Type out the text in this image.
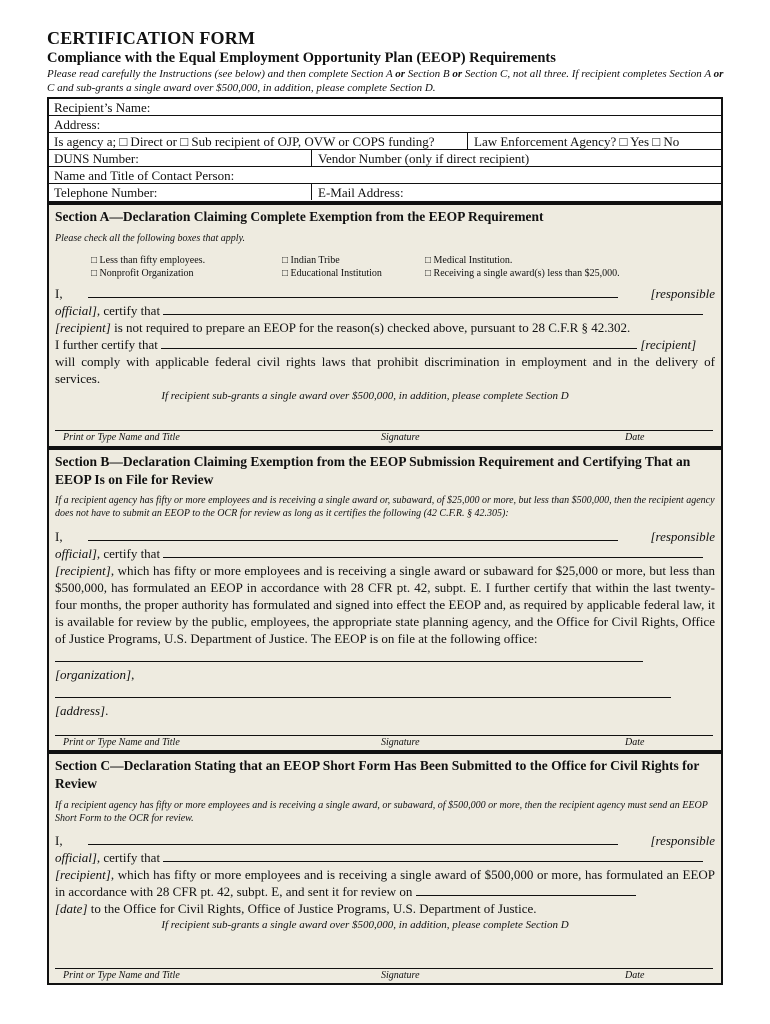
CERTIFICATION FORM
Compliance with the Equal Employment Opportunity Plan (EEOP) Requirements
Please read carefully the Instructions (see below) and then complete Section A or Section B or Section C, not all three. If recipient completes Section A or C and sub-grants a single award over $500,000, in addition, please complete Section D.
Recipient’s Name:
Address:
Is agency a; □ Direct or □ Sub recipient of OJP, OVW or COPS funding?	Law Enforcement Agency? □ Yes □ No
DUNS Number:	Vendor Number (only if direct recipient)
Name and Title of Contact Person:
Telephone Number:	E-Mail Address:
Section A—Declaration Claiming Complete Exemption from the EEOP Requirement
Please check all the following boxes that apply.
□ Less than fifty employees.	□ Indian Tribe	□ Medical Institution.
□ Nonprofit Organization	□ Educational Institution	□ Receiving a single award(s) less than $25,000.
I,	[responsible
official], certify that
[recipient] is not required to prepare an EEOP for the reason(s) checked above, pursuant to 28 C.F.R § 42.302.
I further certify that	[recipient]
will comply with applicable federal civil rights laws that prohibit discrimination in employment and in the delivery of services.
If recipient sub-grants a single award over $500,000, in addition, please complete Section D
Print or Type Name and Title	Signature	Date
Section B—Declaration Claiming Exemption from the EEOP Submission Requirement and Certifying That an EEOP Is on File for Review
If a recipient agency has fifty or more employees and is receiving a single award or, subaward, of $25,000 or more, but less than $500,000, then the recipient agency does not have to submit an EEOP to the OCR for review as long as it certifies the following (42 C.F.R. § 42.305):
I,	[responsible
official], certify that
[recipient], which has fifty or more employees and is receiving a single award or subaward for $25,000 or more, but less than $500,000, has formulated an EEOP in accordance with 28 CFR pt. 42, subpt. E. I further certify that within the last twenty-four months, the proper authority has formulated and signed into effect the EEOP and, as required by applicable federal law, it is available for review by the public, employees, the appropriate state planning agency, and the Office for Civil Rights, Office of Justice Programs, U.S. Department of Justice. The EEOP is on file at the following office:
[organization],
[address].
Print or Type Name and Title	Signature	Date
Section C—Declaration Stating that an EEOP Short Form Has Been Submitted to the Office for Civil Rights for Review
If a recipient agency has fifty or more employees and is receiving a single award, or subaward, of $500,000 or more, then the recipient agency must send an EEOP Short Form to the OCR for review.
I,	[responsible
official], certify that
[recipient], which has fifty or more employees and is receiving a single award of $500,000 or more, has formulated an EEOP in accordance with 28 CFR pt. 42, subpt. E, and sent it for review on
[date] to the Office for Civil Rights, Office of Justice Programs, U.S. Department of Justice.
If recipient sub-grants a single award over $500,000, in addition, please complete Section D
Print or Type Name and Title	Signature	Date
